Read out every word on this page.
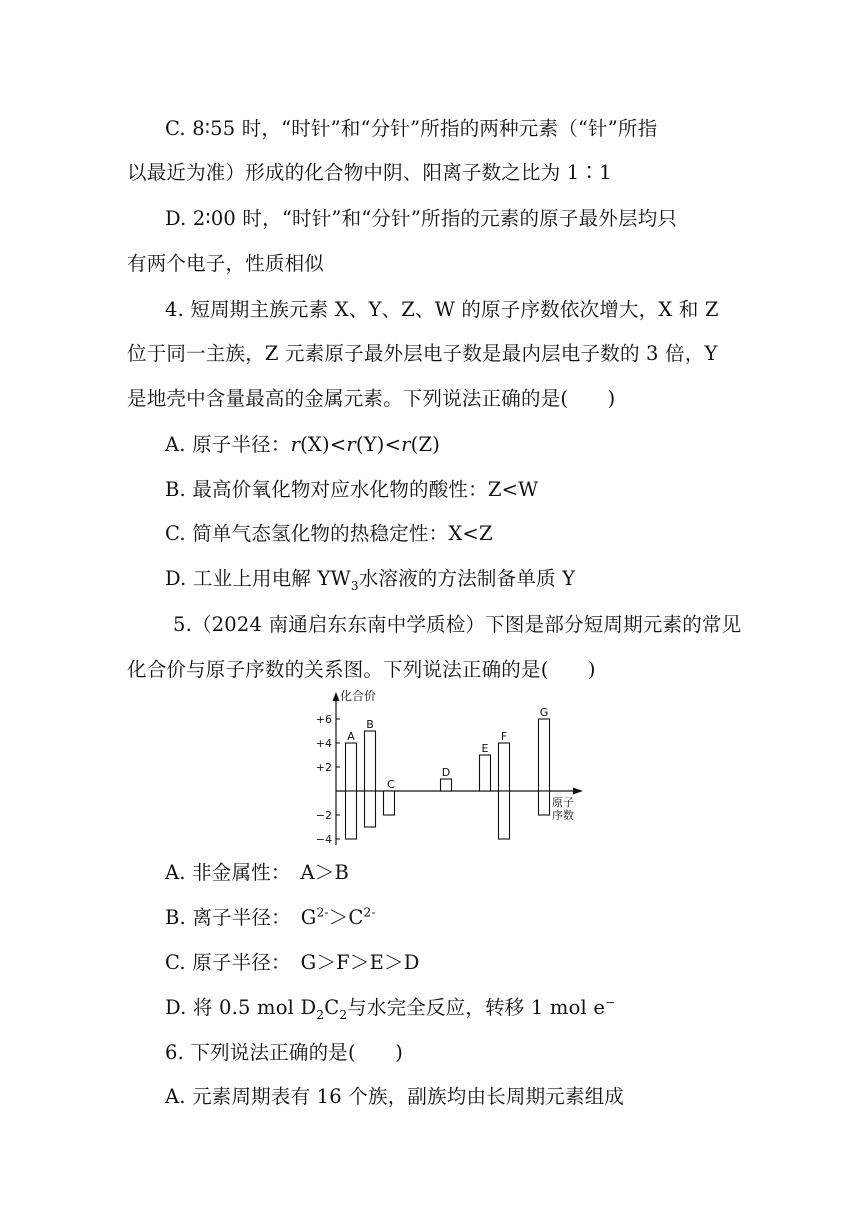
C. 8∶55 时，“时针”和“分针”所指的两种元素（“针”所指
以最近为准）形成的化合物中阴、阳离子数之比为 1∶1
D. 2∶00 时，“时针”和“分针”所指的元素的原子最外层均只
有两个电子，性质相似
4. 短周期主族元素 X、Y、Z、W 的原子序数依次增大，X 和 Z
位于同一主族，Z 元素原子最外层电子数是最内层电子数的 3 倍，Y
是地壳中含量最高的金属元素。下列说法正确的是(　　)
A. 原子半径：r(X)<r(Y)<r(Z)
B. 最高价氧化物对应水化物的酸性：Z<W
C. 简单气态氢化物的热稳定性：X<Z
D. 工业上用电解 $YW_3$水溶液的方法制备单质 Y
5.（2024 南通启东东南中学质检）下图是部分短周期元素的常见
化合价与原子序数的关系图。下列说法正确的是(　　)
+6
+4
+2
−2
−4
A
B
C
D
E
F
G
化合价
原子
序数
A. 非金属性：　A＞B
B. 离子半径：　$G^{2-}>C^{2-}$
C. 原子半径：　G＞F＞E＞D
D. 将 0.5 mol $D_2C_2$与水完全反应，转移 1 mol e−
6. 下列说法正确的是(　　)
A. 元素周期表有 16 个族，副族均由长周期元素组成
